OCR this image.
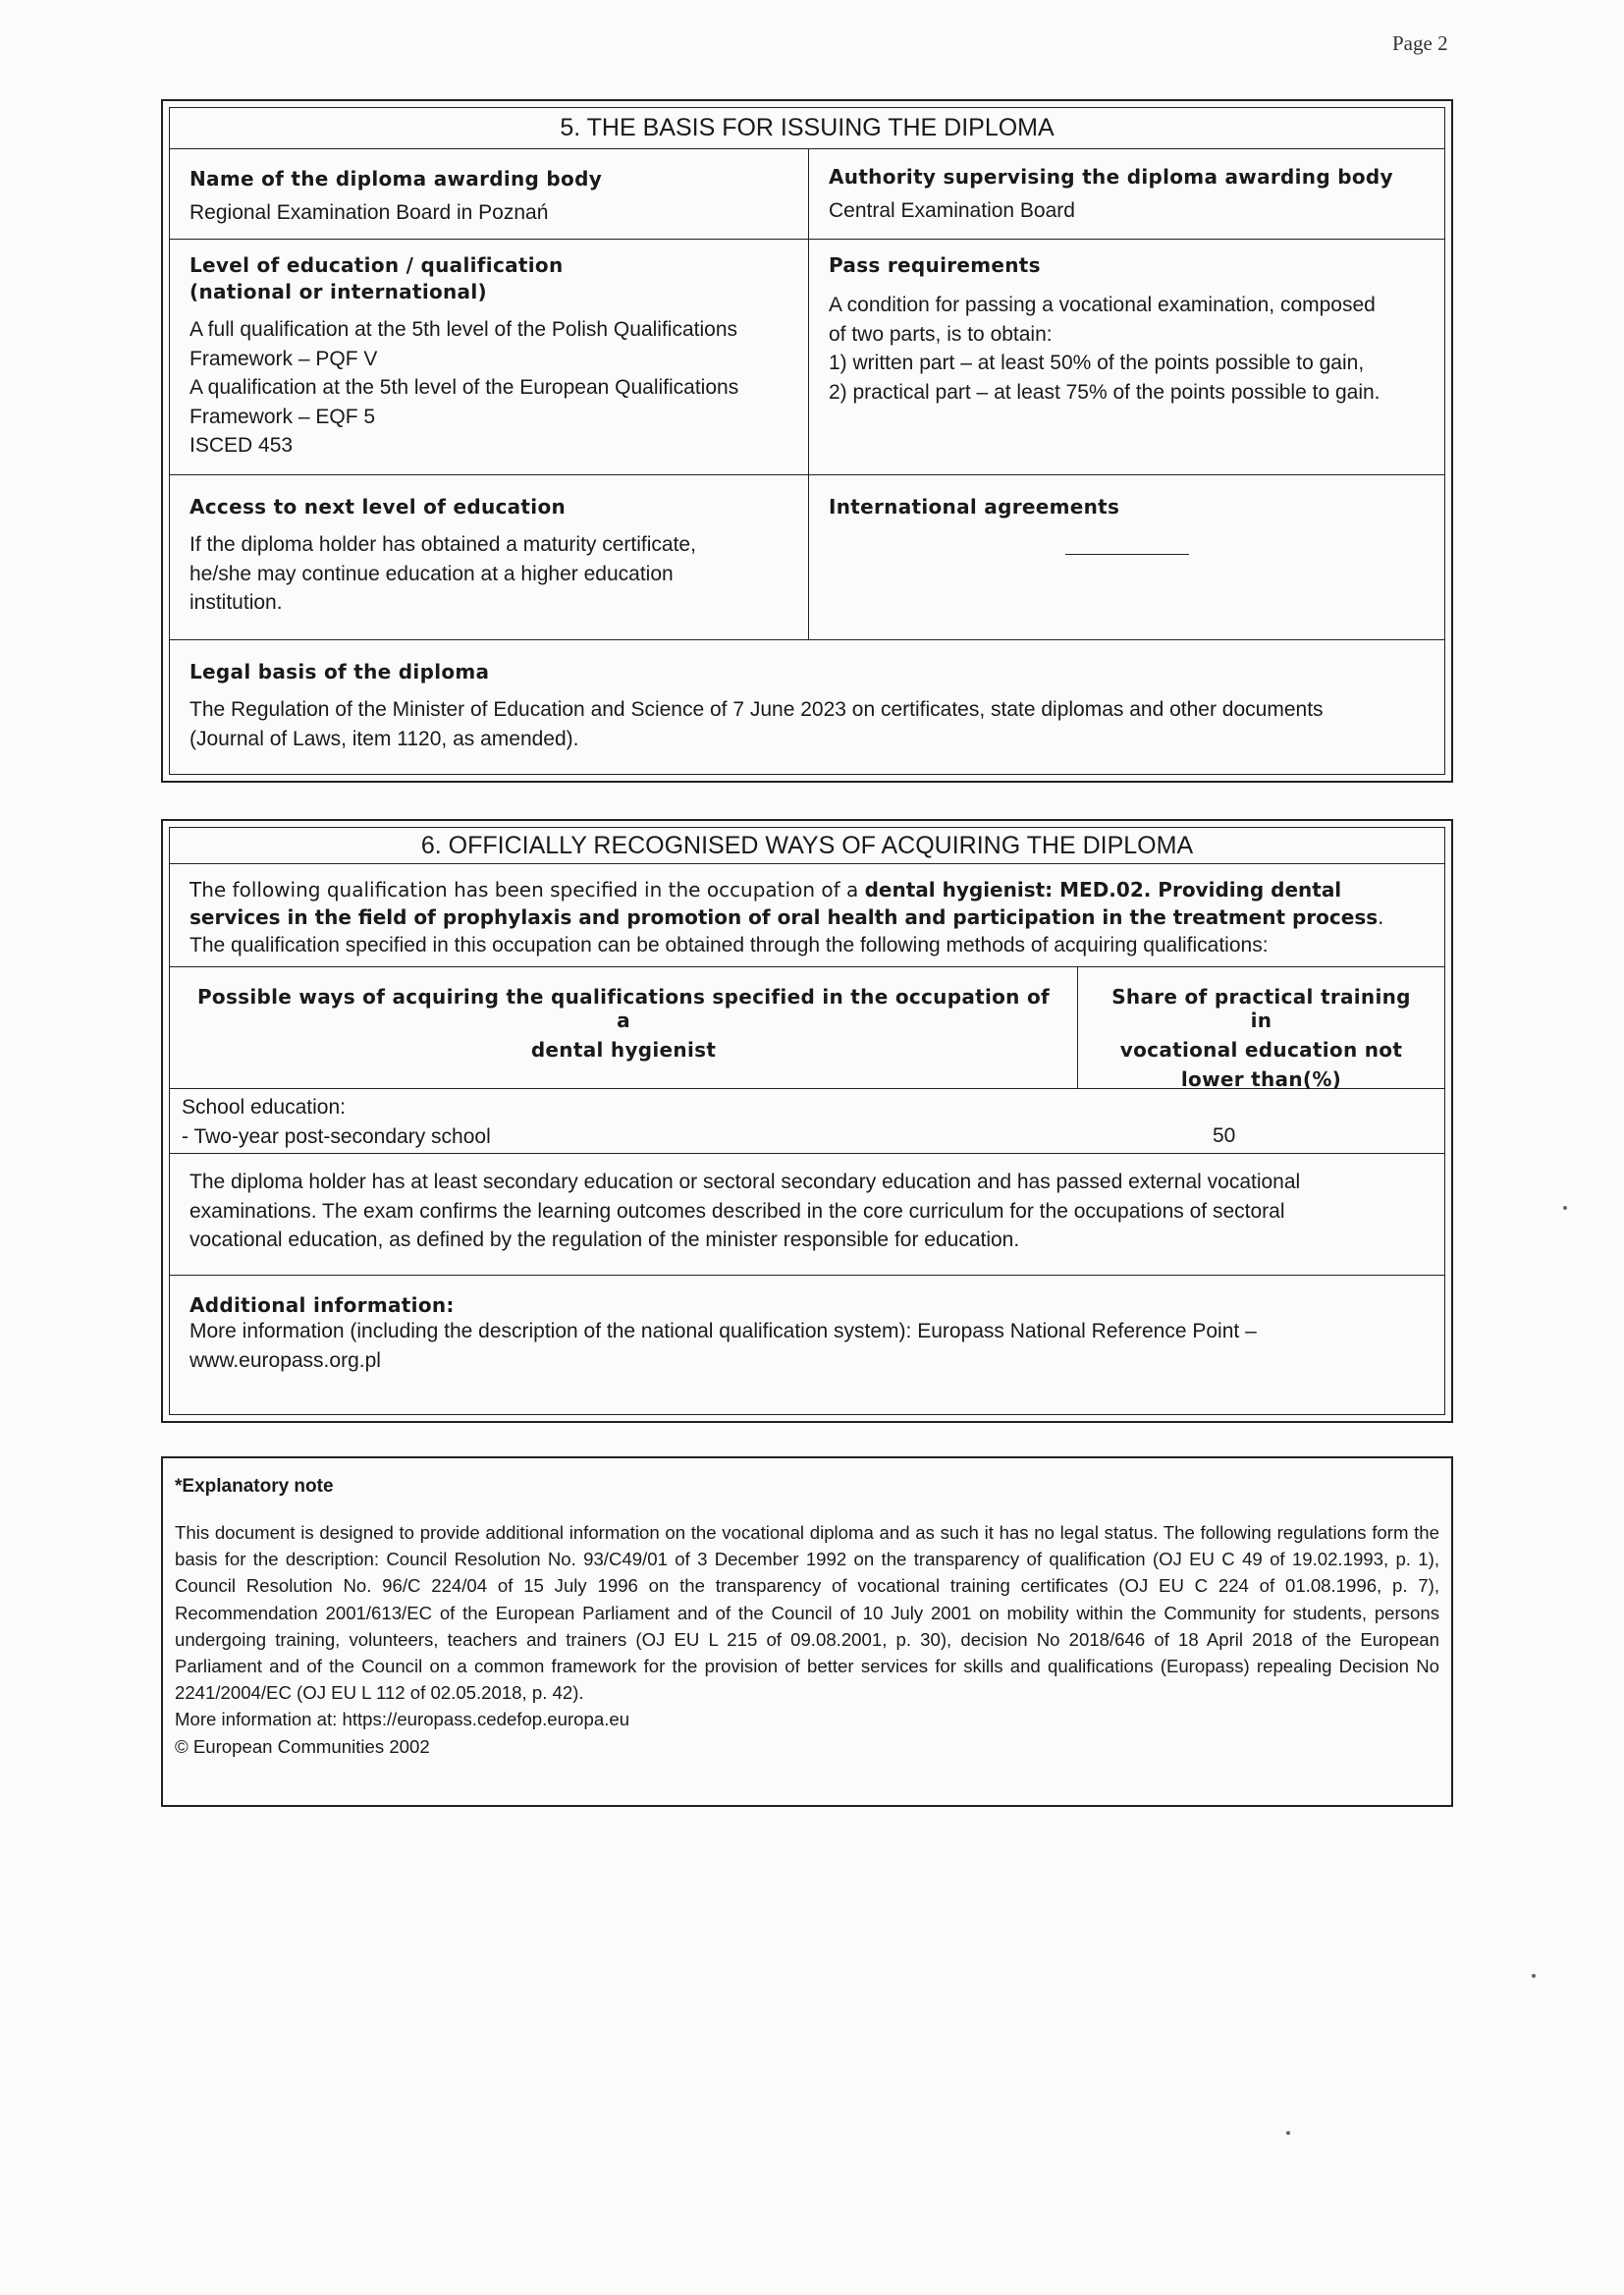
Page 2
5. THE BASIS FOR ISSUING THE DIPLOMA
Name of the diploma awarding body
Regional Examination Board in Poznań
Authority supervising the diploma awarding body
Central Examination Board
Level of education / qualification
(national or international)
A full qualification at the 5th level of the Polish Qualifications
Framework – PQF V
A qualification at the 5th level of the European Qualifications
Framework – EQF 5
ISCED 453
Pass requirements
A condition for passing a vocational examination, composed
of two parts, is to obtain:
1) written part – at least 50% of the points possible to gain,
2) practical part – at least 75% of the points possible to gain.
Access to next level of education
If the diploma holder has obtained a maturity certificate,
he/she may continue education at a higher education
institution.
International agreements
Legal basis of the diploma
The Regulation of the Minister of Education and Science of 7 June 2023 on certificates, state diplomas and other documents
(Journal of Laws, item 1120, as amended).
6. OFFICIALLY RECOGNISED WAYS OF ACQUIRING THE DIPLOMA
The following qualification has been specified in the occupation of a dental hygienist: MED.02. Providing dental
services in the field of prophylaxis and promotion of oral health and participation in the treatment process.
The qualification specified in this occupation can be obtained through the following methods of acquiring qualifications:
Possible ways of acquiring the qualifications specified in the occupation of a
dental hygienist
Share of practical training in
vocational education not
lower than(%)
School education:
- Two-year post-secondary school	50
The diploma holder has at least secondary education or sectoral secondary education and has passed external vocational
examinations. The exam confirms the learning outcomes described in the core curriculum for the occupations of sectoral
vocational education, as defined by the regulation of the minister responsible for education.
Additional information:
More information (including the description of the national qualification system): Europass National Reference Point –
www.europass.org.pl
*Explanatory note
This document is designed to provide additional information on the vocational diploma and as such it has no legal status. The following regulations form the basis for the description: Council Resolution No. 93/C49/01 of 3 December 1992 on the transparency of qualification (OJ EU C 49 of 19.02.1993, p. 1), Council Resolution No. 96/C 224/04 of 15 July 1996 on the transparency of vocational training certificates (OJ EU C 224 of 01.08.1996, p. 7), Recommendation 2001/613/EC of the European Parliament and of the Council of 10 July 2001 on mobility within the Community for students, persons undergoing training, volunteers, teachers and trainers (OJ EU L 215 of 09.08.2001, p. 30), decision No 2018/646 of 18 April 2018 of the European Parliament and of the Council on a common framework for the provision of better services for skills and qualifications (Europass) repealing Decision No 2241/2004/EC (OJ EU L 112 of 02.05.2018, p. 42).
More information at: https://europass.cedefop.europa.eu
© European Communities 2002
